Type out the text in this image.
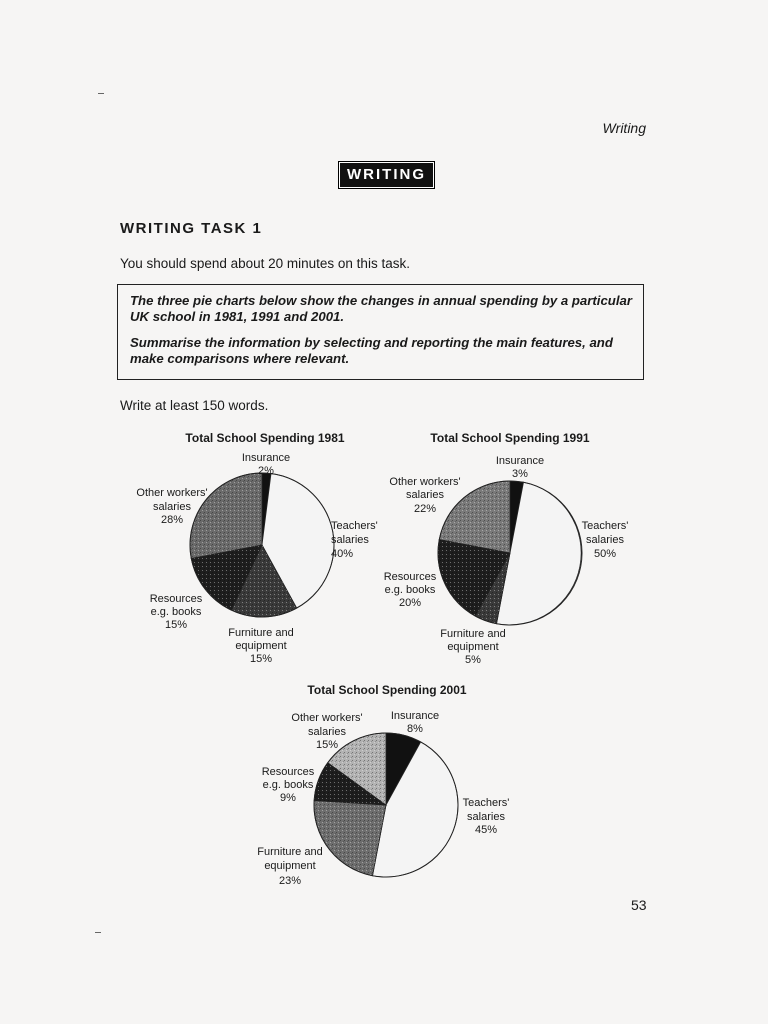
Writing
WRITING
WRITING TASK 1
You should spend about 20 minutes on this task.

The three pie charts below show the changes in annual spending by a particular UK school in 1981, 1991 and 2001.

Summarise the information by selecting and reporting the main features, and make comparisons where relevant.

Write at least 150 words.
Insurance
2%
Teachers'
salaries
40%
Furniture and
equipment
15%
Resources
e.g. books
15%
Other workers'
salaries
28%
Total School Spending 1981
Insurance
3%
Teachers'
salaries
50%
Furniture and
equipment
5%
Resources
e.g. books
20%
Other workers'
salaries
22%
Total School Spending 1991
Insurance
8%
Teachers'
salaries
45%
Furniture and
equipment
23%
Resources
e.g. books
9%
Other workers'
salaries
15%
Total School Spending 2001
53
